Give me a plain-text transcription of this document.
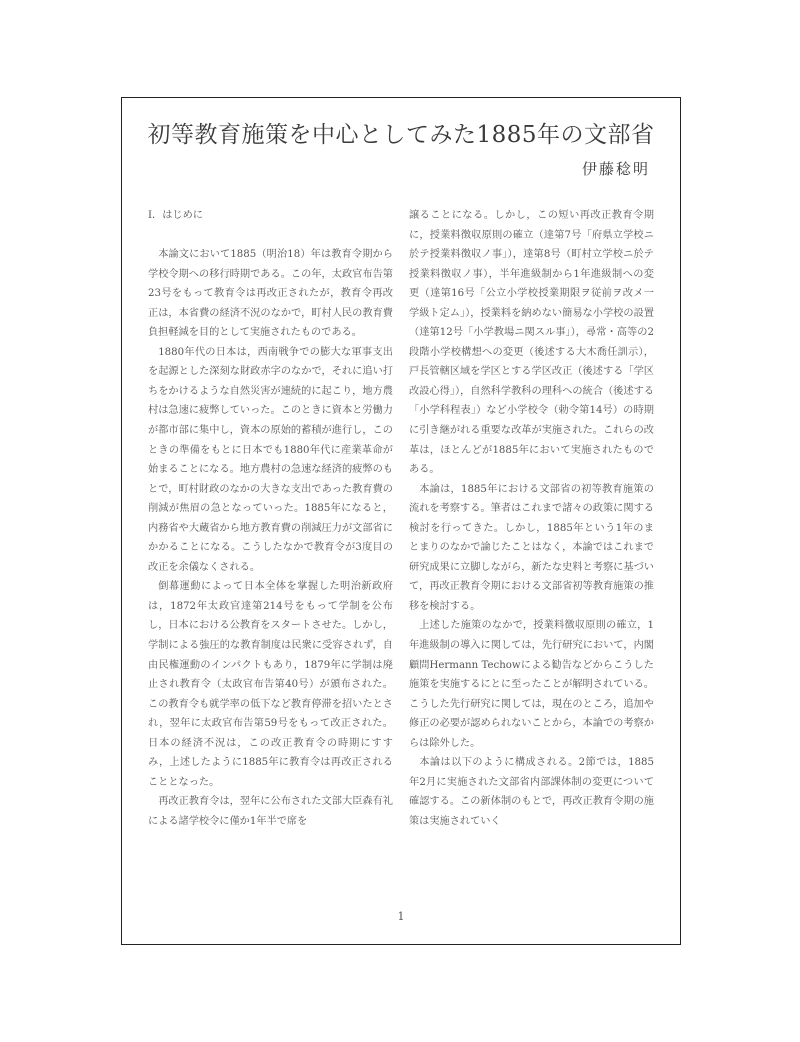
初等教育施策を中心としてみた1885年の文部省
伊藤稔明

Ⅰ．はじめに

本論文において1885（明治18）年は教育令期から学校令期への移行時期である。この年，太政官布告第23号をもって教育令は再改正されたが，教育令再改正は，本省費の経済不況のなかで，町村人民の教育費負担軽減を目的として実施されたものである。

1880年代の日本は，西南戦争での膨大な軍事支出を起源とした深刻な財政赤字のなかで，それに追い打ちをかけるような自然災害が連続的に起こり，地方農村は急速に疲弊していった。このときに資本と労働力が都市部に集中し，資本の原始的蓄積が進行し，このときの準備をもとに日本でも1880年代に産業革命が始まることになる。地方農村の急速な経済的疲弊のもとで，町村財政のなかの大きな支出であった教育費の削減が焦眉の急となっていった。1885年になると，内務省や大蔵省から地方教育費の削減圧力が文部省にかかることになる。こうしたなかで教育令が3度目の改正を余儀なくされる。

倒幕運動によって日本全体を掌握した明治新政府は，1872年太政官達第214号をもって学制を公布し，日本における公教育をスタートさせた。しかし，学制による強圧的な教育制度は民衆に受容されず，自由民権運動のインパクトもあり，1879年に学制は廃止され教育令（太政官布告第40号）が頒布された。この教育令も就学率の低下など教育停滞を招いたとされ，翌年に太政官布告第59号をもって改正された。日本の経済不況は，この改正教育令の時期にすすみ，上述したように1885年に教育令は再改正されることとなった。

再改正教育令は，翌年に公布された文部大臣森有礼による諸学校令に僅か1年半で席を

譲ることになる。しかし，この短い再改正教育令期に，授業料徴収原則の確立（達第7号「府県立学校ニ於テ授業料徴収ノ事」），達第8号（町村立学校ニ於テ授業料徴収ノ事），半年進級制から1年進級制への変更（達第16号「公立小学校授業期限ヲ従前ヲ改メ一学級ト定ム」），授業料を納めない簡易な小学校の設置（達第12号「小学教場ニ関スル事」），尋常・高等の2段階小学校構想への変更（後述する大木喬任訓示），戸長管轄区域を学区とする学区改正（後述する「学区改設心得」），自然科学教科の理科への統合（後述する「小学科程表」）など小学校令（勅令第14号）の時期に引き継がれる重要な改革が実施された。これらの改革は，ほとんどが1885年において実施されたものである。

本論は，1885年における文部省の初等教育施策の流れを考察する。筆者はこれまで諸々の政策に関する検討を行ってきた。しかし，1885年という1年のまとまりのなかで論じたことはなく，本論ではこれまで研究成果に立脚しながら，新たな史料と考察に基づいて，再改正教育令期における文部省初等教育施策の推移を検討する。

上述した施策のなかで，授業料徴収原則の確立，1年進級制の導入に関しては，先行研究において，内閣顧問Hermann Techowによる勧告などからこうした施策を実施するにとに至ったことが解明されている。こうした先行研究に関しては，現在のところ，追加や修正の必要が認められないことから，本論での考察からは除外した。

本論は以下のように構成される。2節では，1885年2月に実施された文部省内部課体制の変更について確認する。この新体制のもとで，再改正教育令期の施策は実施されていく

1
